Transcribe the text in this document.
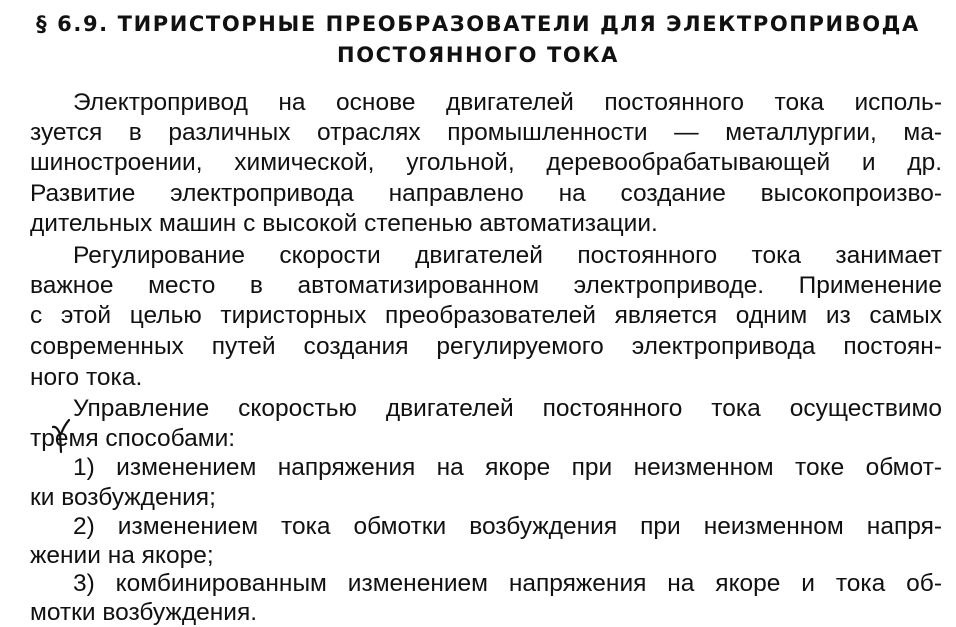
§ 6.9. ТИРИСТОРНЫЕ ПРЕОБРАЗОВАТЕЛИ ДЛЯ ЭЛЕКТРОПРИВОДА
ПОСТОЯННОГО ТОКА
Электропривод на основе двигателей постоянного тока исполь-
зуется в различных отраслях промышленности — металлургии, ма-
шиностроении, химической, угольной, деревообрабатывающей и др.
Развитие электропривода направлено на создание высокопроизво-
дительных машин с высокой степенью автоматизации.
Регулирование скорости двигателей постоянного тока занимает
важное место в автоматизированном электроприводе. Применение
с этой целью тиристорных преобразователей является одним из самых
современных путей создания регулируемого электропривода постоян-
ного тока.
Управление скоростью двигателей постоянного тока осуществимо
тремя способами:
1) изменением напряжения на якоре при неизменном токе обмот-
ки возбуждения;
2) изменением тока обмотки возбуждения при неизменном напря-
жении на якоре;
3) комбинированным изменением напряжения на якоре и тока об-
мотки возбуждения.
